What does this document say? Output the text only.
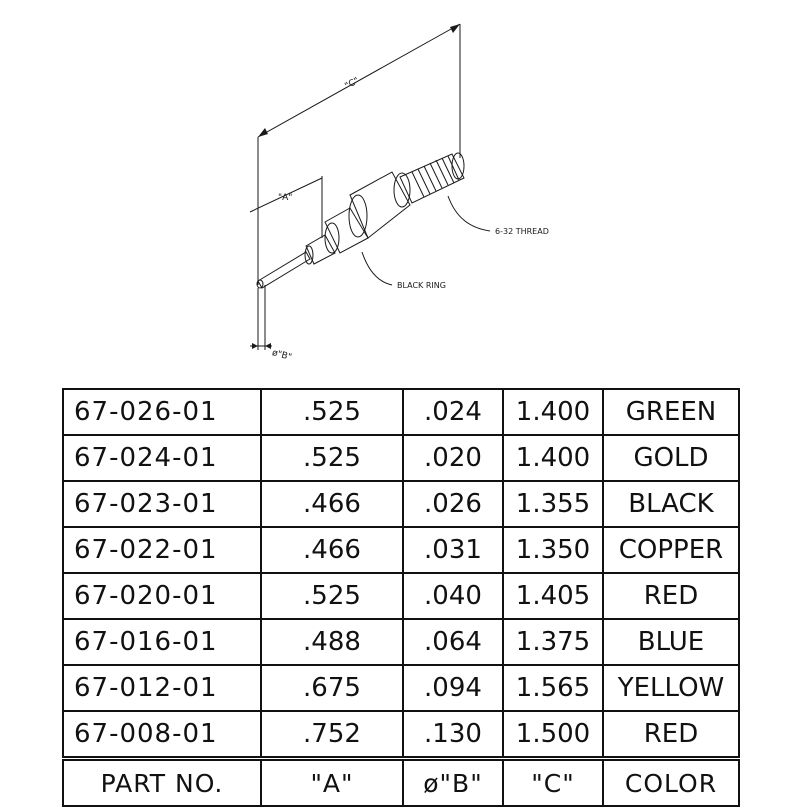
"C"
"A"
ø"B"
6-32 THREAD
BLACK RING
67-026-01	.525	.024	1.400	GREEN
67-024-01	.525	.020	1.400	GOLD
67-023-01	.466	.026	1.355	BLACK
67-022-01	.466	.031	1.350	COPPER
67-020-01	.525	.040	1.405	RED
67-016-01	.488	.064	1.375	BLUE
67-012-01	.675	.094	1.565	YELLOW
67-008-01	.752	.130	1.500	RED
PART NO.	"A"	ø"B"	"C"	COLOR
